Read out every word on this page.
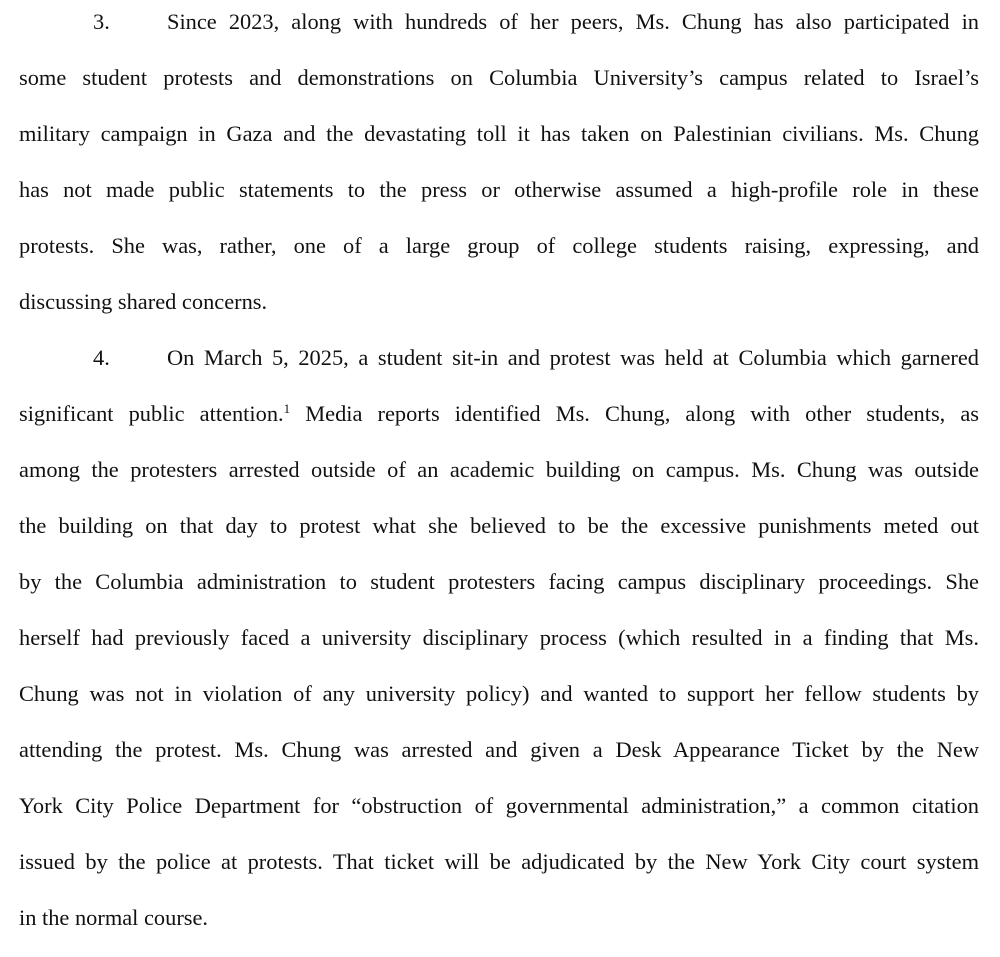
3.	Since 2023, along with hundreds of her peers, Ms. Chung has also participated in
some student protests and demonstrations on Columbia University’s campus related to Israel’s
military campaign in Gaza and the devastating toll it has taken on Palestinian civilians. Ms. Chung
has not made public statements to the press or otherwise assumed a high-profile role in these
protests. She was, rather, one of a large group of college students raising, expressing, and
discussing shared concerns.
4.	On March 5, 2025, a student sit-in and protest was held at Columbia which garnered
significant public attention.$^1$ Media reports identified Ms. Chung, along with other students, as
among the protesters arrested outside of an academic building on campus. Ms. Chung was outside
the building on that day to protest what she believed to be the excessive punishments meted out
by the Columbia administration to student protesters facing campus disciplinary proceedings. She
herself had previously faced a university disciplinary process (which resulted in a finding that Ms.
Chung was not in violation of any university policy) and wanted to support her fellow students by
attending the protest. Ms. Chung was arrested and given a Desk Appearance Ticket by the New
York City Police Department for “obstruction of governmental administration,” a common citation
issued by the police at protests. That ticket will be adjudicated by the New York City court system
in the normal course.
